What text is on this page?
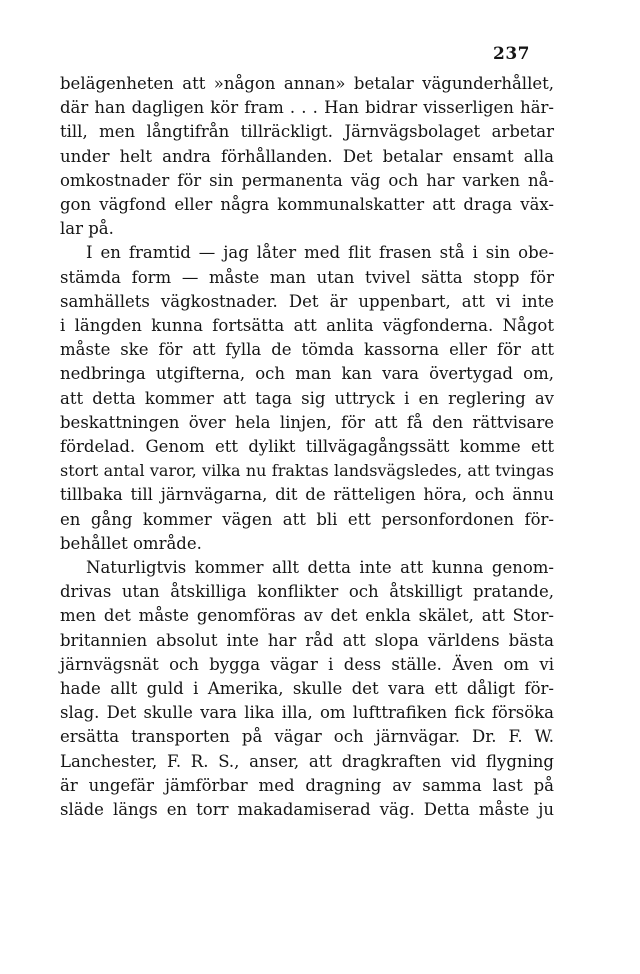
237
belägenheten att »någon annan» betalar vägunderhållet,
där han dagligen kör fram . . . Han bidrar visserligen här-
till, men långtifrån tillräckligt. Järnvägsbolaget arbetar
under helt andra förhållanden. Det betalar ensamt alla
omkostnader för sin permanenta väg och har varken nå-
gon vägfond eller några kommunalskatter att draga väx-
lar på.
I en framtid — jag låter med flit frasen stå i sin obe-
stämda form — måste man utan tvivel sätta stopp för
samhällets vägkostnader. Det är uppenbart, att vi inte
i längden kunna fortsätta att anlita vägfonderna. Något
måste ske för att fylla de tömda kassorna eller för att
nedbringa utgifterna, och man kan vara övertygad om,
att detta kommer att taga sig uttryck i en reglering av
beskattningen över hela linjen, för att få den rättvisare
fördelad. Genom ett dylikt tillvägagångssätt komme ett
stort antal varor, vilka nu fraktas landsvägsledes, att tvingas
tillbaka till järnvägarna, dit de rätteligen höra, och ännu
en gång kommer vägen att bli ett personfordonen för-
behållet område.
Naturligtvis kommer allt detta inte att kunna genom-
drivas utan åtskilliga konflikter och åtskilligt pratande,
men det måste genomföras av det enkla skälet, att Stor-
britannien absolut inte har råd att slopa världens bästa
järnvägsnät och bygga vägar i dess ställe. Även om vi
hade allt guld i Amerika, skulle det vara ett dåligt för-
slag. Det skulle vara lika illa, om lufttrafiken fick försöka
ersätta transporten på vägar och järnvägar. Dr. F. W.
Lanchester, F. R. S., anser, att dragkraften vid flygning
är ungefär jämförbar med dragning av samma last på
släde längs en torr makadamiserad väg. Detta måste ju
